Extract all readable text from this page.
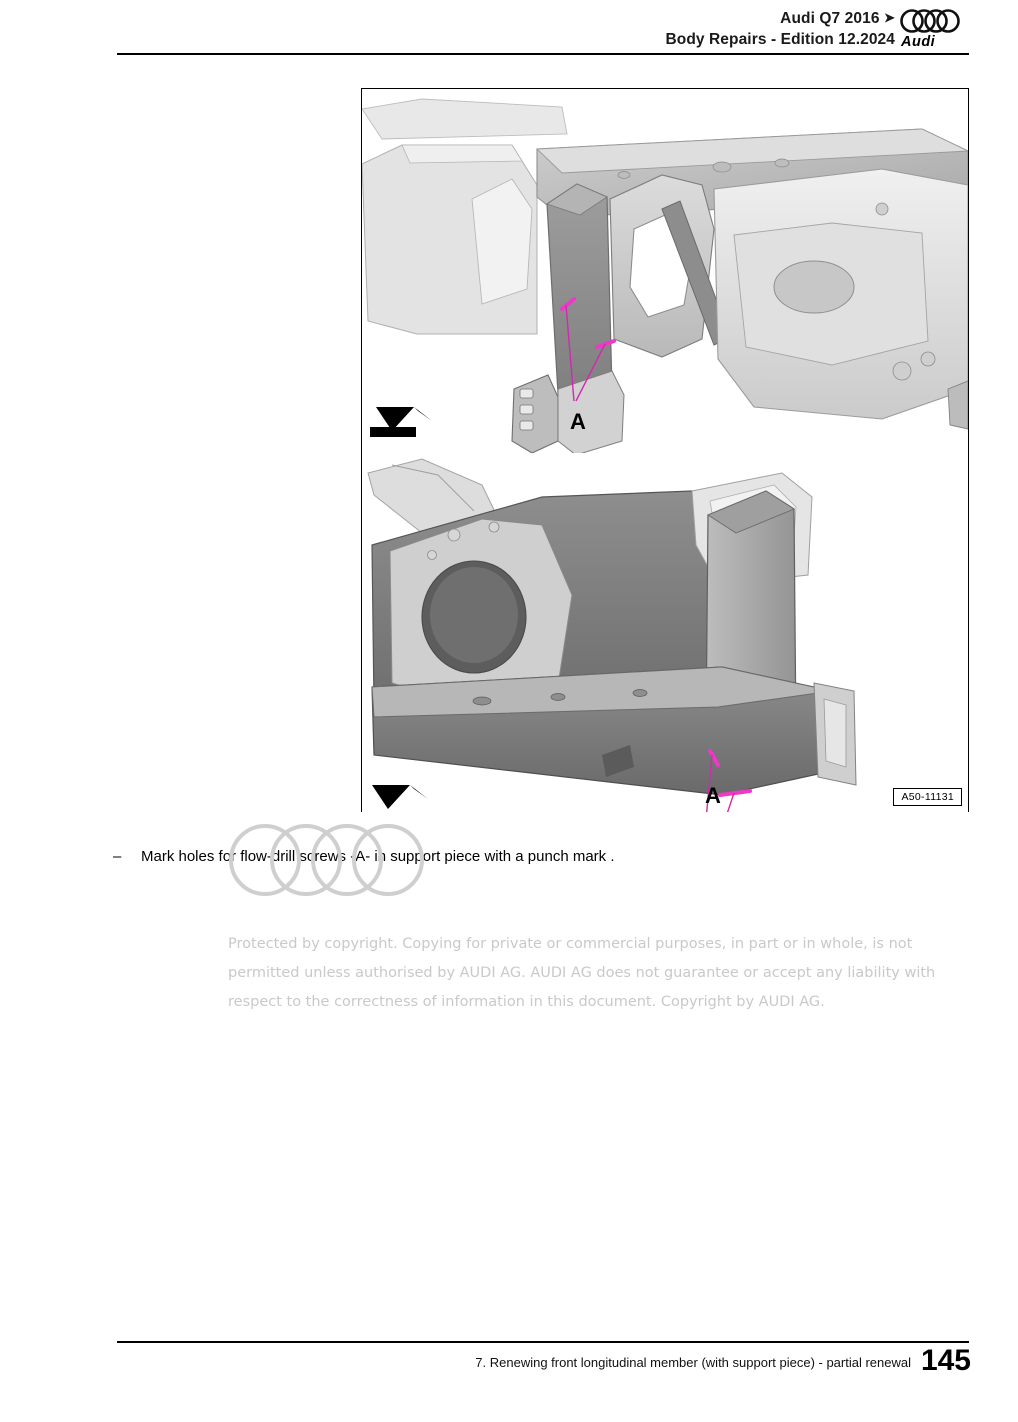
Audi Q7 2016 ➤
Body Repairs - Edition 12.2024 Audi
A
A	A50-11131
– Mark holes for flow-drill screws -A- in support piece with a punch mark .
Protected by copyright. Copying for private or commercial purposes, in part or in whole, is not permitted unless authorised by AUDI AG. AUDI AG does not guarantee or accept any liability with respect to the correctness of information in this document. Copyright by AUDI AG.
7. Renewing front longitudinal member (with support piece) - partial renewal 145
